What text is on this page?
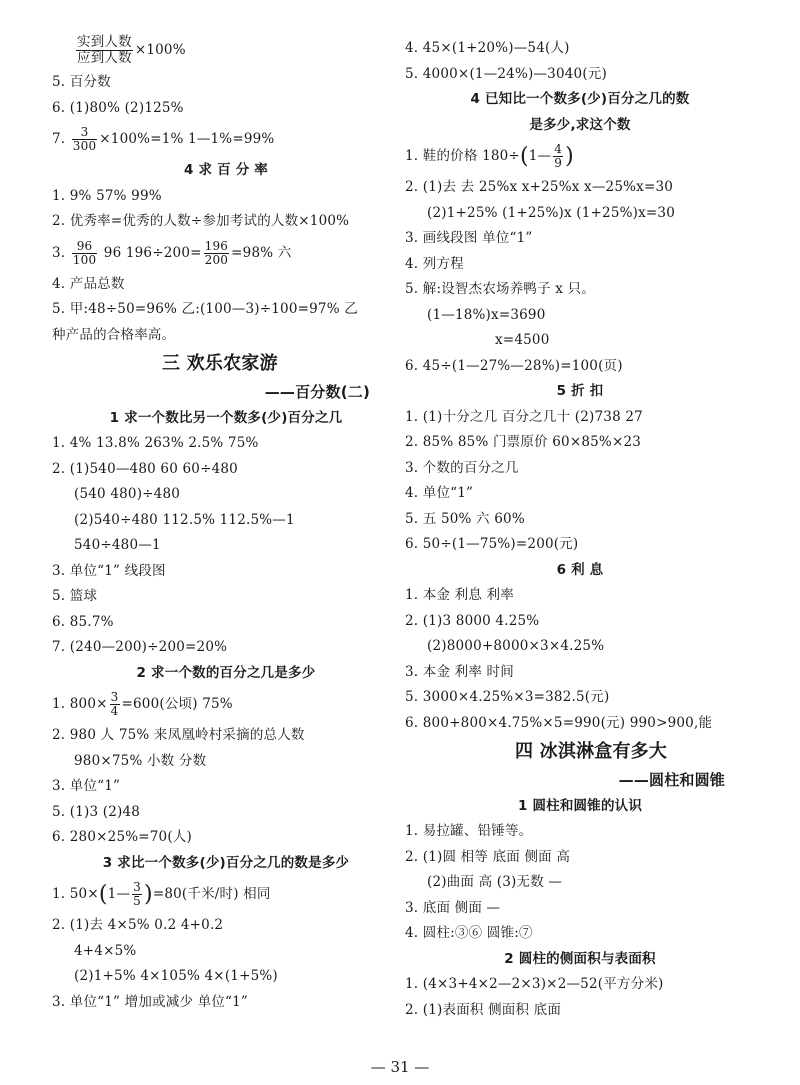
$\frac{\text{实到人数}}{\text{应到人数}} \times 100\%$
5. 百分数
6. (1)80% (2)125%
7. $\frac{3}{300} \times 100\%=1\%$ 1—1%=99%
4 求 百 分 率
1. 9% 57% 99%
2. 优秀率=优秀的人数÷参加考试的人数×100%
3. $\frac{96}{100} 96$ $196\div 200= \frac{196}{200} =98\%$ 六
4. 产品总数
5. 甲:48÷50=96% 乙:(100—3)÷100=97% 乙
种产品的合格率高。
三 欢乐农家游
——百分数(二)
1 求一个数比另一个数多(少)百分之几
1. 4% 13.8% 263% 2.5% 75%
2. (1)540—480 60 60÷480
(540 480)÷480
(2)540÷480 112.5% 112.5%—1
540÷480—1
3. 单位“1” 线段图
5. 篮球
6. 85.7%
7. (240—200)÷200=20%
2 求一个数的百分之几是多少
1. $800\times \frac{3}{4} =600$(公顷) 75%
2. 980 人 75% 来凤凰岭村采摘的总人数
980×75% 小数 分数
3. 单位“1”
5. (1)3 (2)48
6. 280×25%=70(人)
3 求比一个数多(少)百分之几的数是多少
1. 50×(1— $\frac{3}{5} )=80$(千米/时) 相同
2. (1)去 4×5% 0.2 4+0.2
4+4×5%
(2)1+5% 4×105% 4×(1+5%)
3. 单位“1” 增加或减少 单位“1”
4. 45×(1+20%)—54(人)
5. 4000×(1—24%)—3040(元)
4 已知比一个数多(少)百分之几的数
是多少,求这个数
1. 鞋的价格 180÷(1— $\frac{4}{9}$ )
2. (1)去 去 25%x x+25%x x—25%x=30
(2)1+25% (1+25%)x (1+25%)x=30
3. 画线段图 单位“1”
4. 列方程
5. 解:设智杰农场养鸭子 x 只。
(1—18%)x=3690
x=4500
6. 45÷(1—27%—28%)=100(页)
5 折 扣
1. (1)十分之几 百分之几十 (2)738 27
2. 85% 85% 门票原价 60×85%×23
3. 个数的百分之几
4. 单位“1”
5. 五 50% 六 60%
6. 50÷(1—75%)=200(元)
6 利 息
1. 本金 利息 利率
2. (1)3 8000 4.25%
(2)8000+8000×3×4.25%
3. 本金 利率 时间
5. 3000×4.25%×3=382.5(元)
6. 800+800×4.75%×5=990(元) 990>900,能
四 冰淇淋盒有多大
——圆柱和圆锥
1 圆柱和圆锥的认识
1. 易拉罐、铅锤等。
2. (1)圆 相等 底面 侧面 高
(2)曲面 高 (3)无数 —
3. 底面 侧面 —
4. 圆柱:③⑥ 圆锥:⑦
2 圆柱的侧面积与表面积
1. (4×3+4×2—2×3)×2—52(平方分米)
2. (1)表面积 侧面积 底面
— 31 —
